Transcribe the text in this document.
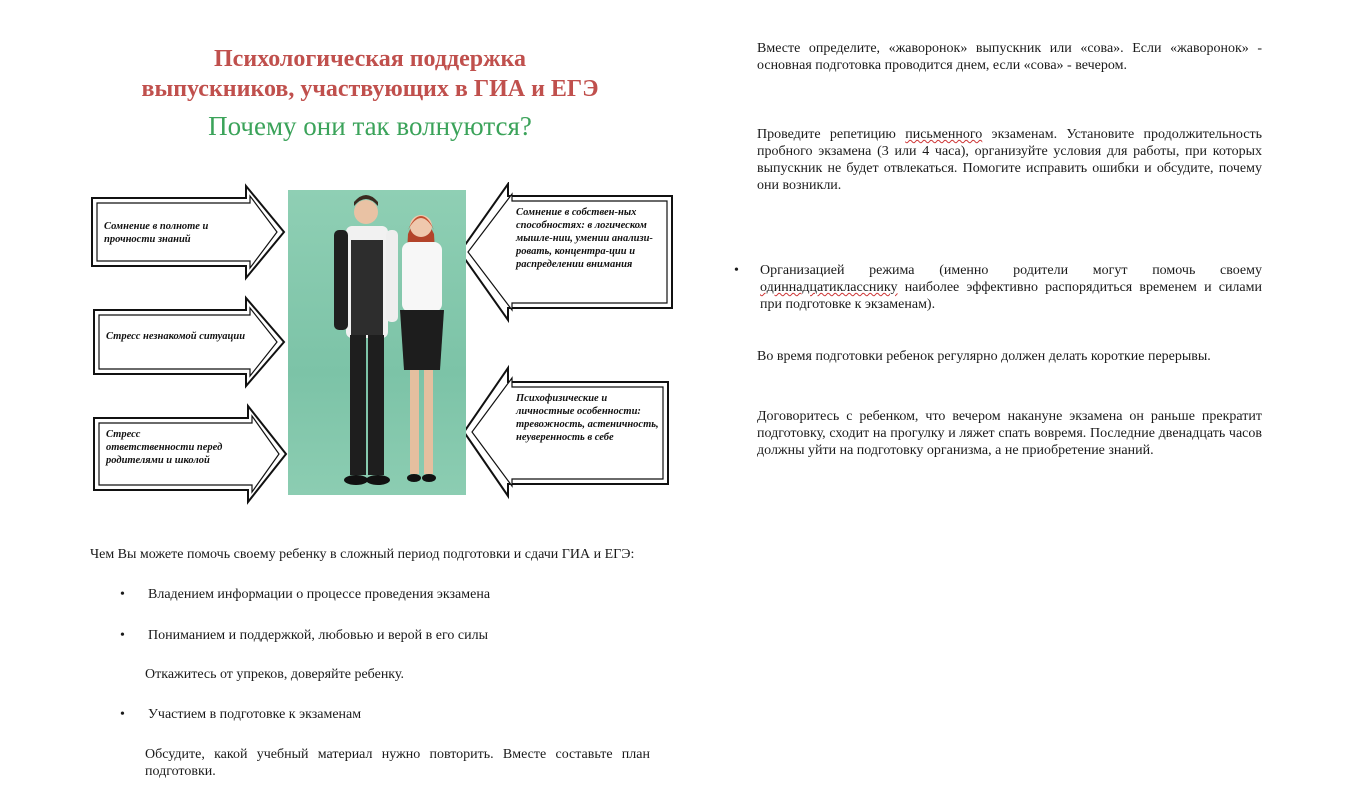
Психологическая поддержка
выпускников, участвующих в ГИА и ЕГЭ
Почему они так волнуются?
Сомнение в полноте и прочности знаний
Стресс незнакомой ситуации
Стресс ответственности перед родителями и школой
Сомнение в собствен-ных способностях: в логическом мышле-нии, умении анализи-ровать, концентра-ции и распределении внимания
Психофизические и личностные особенности: тревожность, астеничность, неуверенность в себе
Чем Вы можете помочь своему ребенку в сложный период подготовки и сдачи ГИА и ЕГЭ:
• Владением информации о процессе проведения экзамена
• Пониманием и поддержкой, любовью и верой в его силы
Откажитесь от упреков, доверяйте ребенку.
• Участием в подготовке к экзаменам
Обсудите, какой учебный материал нужно повторить. Вместе составьте план подготовки.
Вместе определите, «жаворонок» выпускник или «сова». Если «жаворонок» - основная подготовка проводится днем, если «сова» - вечером.
Проведите репетицию письменного экзаменам. Установите продолжительность пробного экзамена (3 или 4 часа), организуйте условия для работы, при которых выпускник не будет отвлекаться. Помогите исправить ошибки и обсудите, почему они возникли.
• Организацией режима (именно родители могут помочь своему одиннадцатикласснику наиболее эффективно распорядиться временем и силами при подготовке к экзаменам).
Во время подготовки ребенок регулярно должен делать короткие перерывы.
Договоритесь с ребенком, что вечером накануне экзамена он раньше прекратит подготовку, сходит на прогулку и ляжет спать вовремя. Последние двенадцать часов должны уйти на подготовку организма, а не приобретение знаний.
